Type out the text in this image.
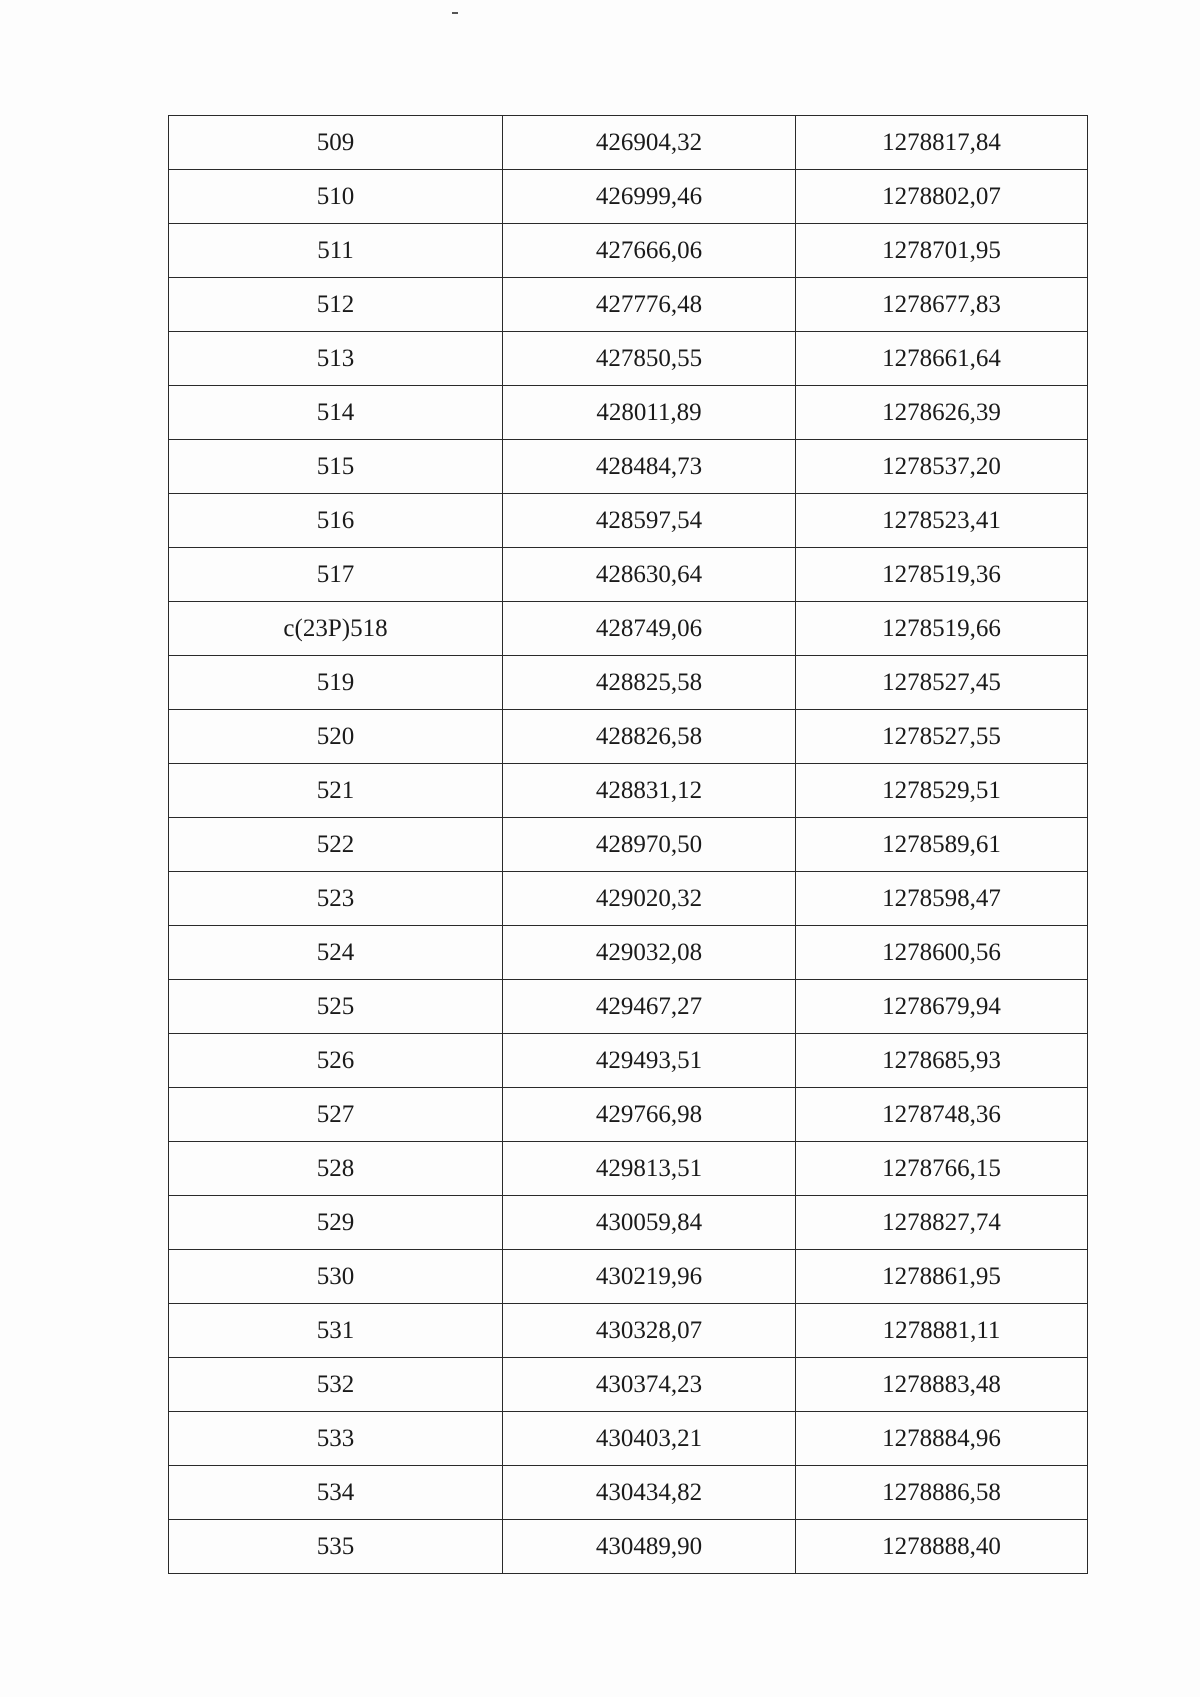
509	426904,32	1278817,84
510	426999,46	1278802,07
511	427666,06	1278701,95
512	427776,48	1278677,83
513	427850,55	1278661,64
514	428011,89	1278626,39
515	428484,73	1278537,20
516	428597,54	1278523,41
517	428630,64	1278519,36
с(23Р)518	428749,06	1278519,66
519	428825,58	1278527,45
520	428826,58	1278527,55
521	428831,12	1278529,51
522	428970,50	1278589,61
523	429020,32	1278598,47
524	429032,08	1278600,56
525	429467,27	1278679,94
526	429493,51	1278685,93
527	429766,98	1278748,36
528	429813,51	1278766,15
529	430059,84	1278827,74
530	430219,96	1278861,95
531	430328,07	1278881,11
532	430374,23	1278883,48
533	430403,21	1278884,96
534	430434,82	1278886,58
535	430489,90	1278888,40
